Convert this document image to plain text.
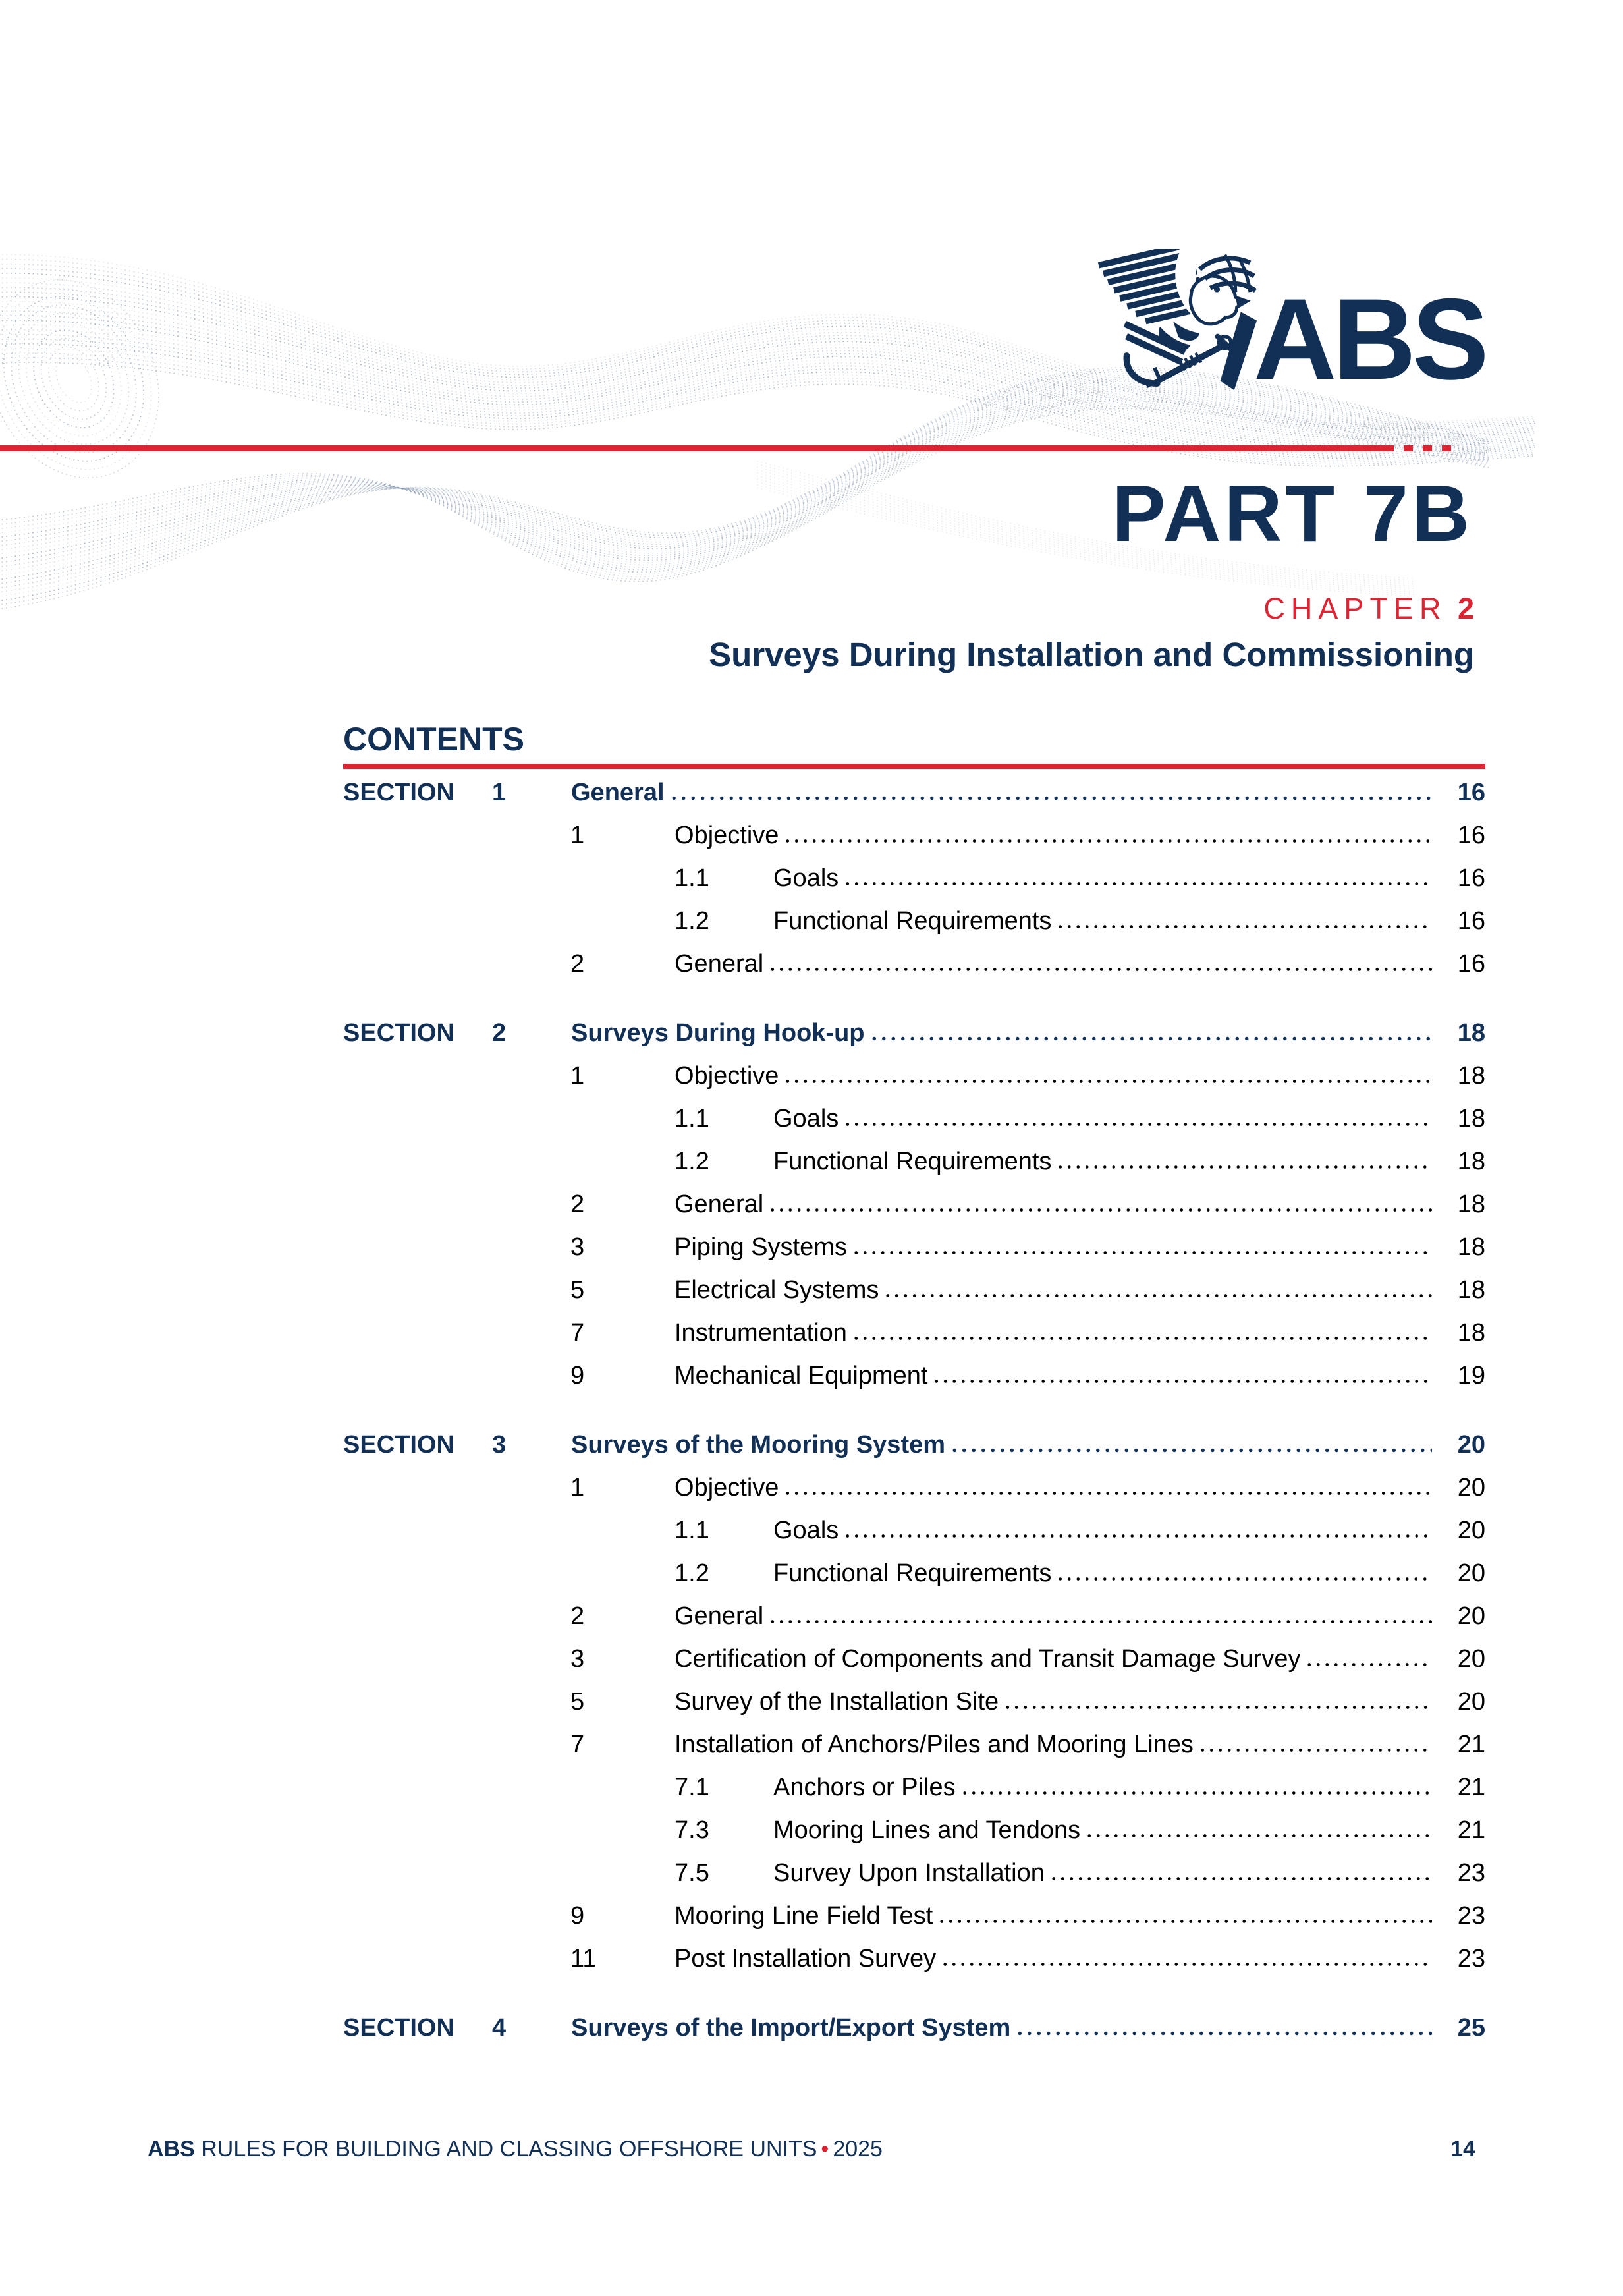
ABS
PART 7B
CHAPTER 2
Surveys During Installation and Commissioning
CONTENTS
SECTION	1	General	16
1	Objective	16
1.1	Goals	16
1.2	Functional Requirements	16
2	General	16
SECTION	2	Surveys During Hook-up	18
1	Objective	18
1.1	Goals	18
1.2	Functional Requirements	18
2	General	18
3	Piping Systems	18
5	Electrical Systems	18
7	Instrumentation	18
9	Mechanical Equipment	19
SECTION	3	Surveys of the Mooring System	20
1	Objective	20
1.1	Goals	20
1.2	Functional Requirements	20
2	General	20
3	Certification of Components and Transit Damage Survey	20
5	Survey of the Installation Site	20
7	Installation of Anchors/Piles and Mooring Lines	21
7.1	Anchors or Piles	21
7.3	Mooring Lines and Tendons	21
7.5	Survey Upon Installation	23
9	Mooring Line Field Test	23
11	Post Installation Survey	23
SECTION	4	Surveys of the Import/Export System	25
ABS RULES FOR BUILDING AND CLASSING OFFSHORE UNITS • 2025	14
